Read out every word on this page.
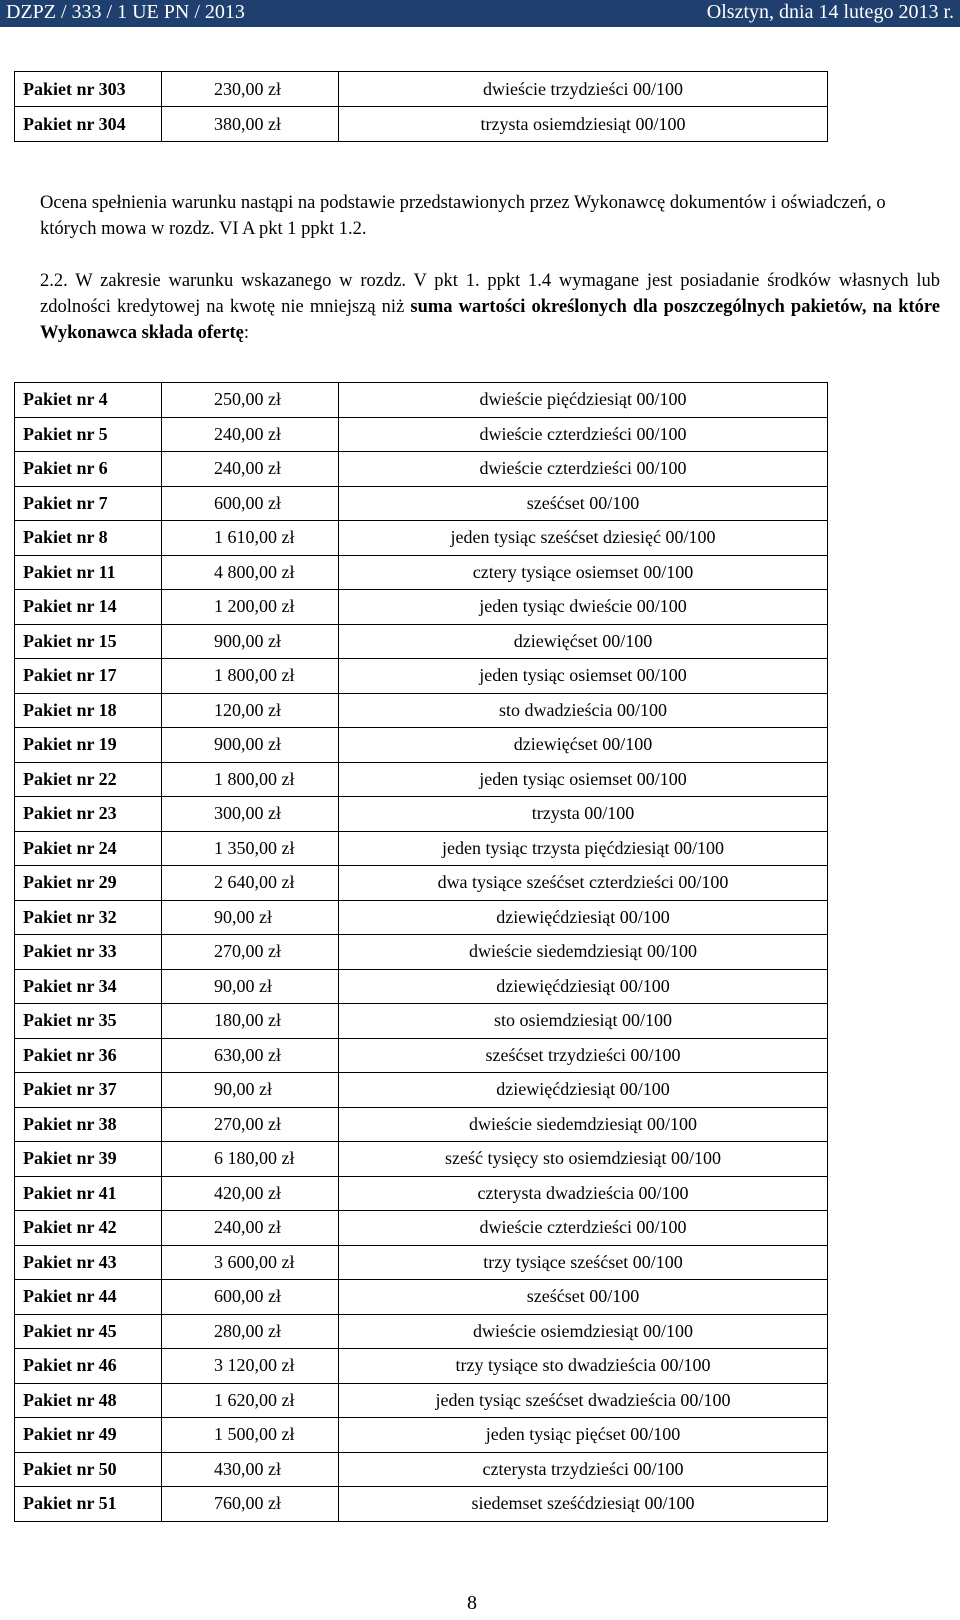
DZPZ / 333 / 1 UE PN / 2013	Olsztyn, dnia 14 lutego 2013 r.
Pakiet nr 303	230,00 zł	dwieście trzydzieści 00/100
Pakiet nr 304	380,00 zł	trzysta osiemdziesiąt 00/100
Ocena spełnienia warunku nastąpi na podstawie przedstawionych przez Wykonawcę dokumentów i oświadczeń, o których mowa w rozdz. VI A pkt 1 ppkt 1.2.
2.2. W zakresie warunku wskazanego w rozdz. V pkt 1. ppkt 1.4 wymagane jest posiadanie środków własnych lub zdolności kredytowej na kwotę nie mniejszą niż suma wartości określonych dla poszczególnych pakietów, na które Wykonawca składa ofertę:
Pakiet nr 4	250,00 zł	dwieście pięćdziesiąt 00/100
Pakiet nr 5	240,00 zł	dwieście czterdzieści 00/100
Pakiet nr 6	240,00 zł	dwieście czterdzieści 00/100
Pakiet nr 7	600,00 zł	sześćset 00/100
Pakiet nr 8	1 610,00 zł	jeden tysiąc sześćset dziesięć 00/100
Pakiet nr 11	4 800,00 zł	cztery tysiące osiemset 00/100
Pakiet nr 14	1 200,00 zł	jeden tysiąc dwieście 00/100
Pakiet nr 15	900,00 zł	dziewięćset 00/100
Pakiet nr 17	1 800,00 zł	jeden tysiąc osiemset 00/100
Pakiet nr 18	120,00 zł	sto dwadzieścia 00/100
Pakiet nr 19	900,00 zł	dziewięćset 00/100
Pakiet nr 22	1 800,00 zł	jeden tysiąc osiemset 00/100
Pakiet nr 23	300,00 zł	trzysta 00/100
Pakiet nr 24	1 350,00 zł	jeden tysiąc trzysta pięćdziesiąt 00/100
Pakiet nr 29	2 640,00 zł	dwa tysiące sześćset czterdzieści 00/100
Pakiet nr 32	90,00 zł	dziewięćdziesiąt 00/100
Pakiet nr 33	270,00 zł	dwieście siedemdziesiąt 00/100
Pakiet nr 34	90,00 zł	dziewięćdziesiąt 00/100
Pakiet nr 35	180,00 zł	sto osiemdziesiąt 00/100
Pakiet nr 36	630,00 zł	sześćset trzydzieści 00/100
Pakiet nr 37	90,00 zł	dziewięćdziesiąt 00/100
Pakiet nr 38	270,00 zł	dwieście siedemdziesiąt 00/100
Pakiet nr 39	6 180,00 zł	sześć tysięcy sto osiemdziesiąt 00/100
Pakiet nr 41	420,00 zł	czterysta dwadzieścia 00/100
Pakiet nr 42	240,00 zł	dwieście czterdzieści 00/100
Pakiet nr 43	3 600,00 zł	trzy tysiące sześćset 00/100
Pakiet nr 44	600,00 zł	sześćset 00/100
Pakiet nr 45	280,00 zł	dwieście osiemdziesiąt 00/100
Pakiet nr 46	3 120,00 zł	trzy tysiące sto dwadzieścia 00/100
Pakiet nr 48	1 620,00 zł	jeden tysiąc sześćset dwadzieścia 00/100
Pakiet nr 49	1 500,00 zł	jeden tysiąc pięćset 00/100
Pakiet nr 50	430,00 zł	czterysta trzydzieści 00/100
Pakiet nr 51	760,00 zł	siedemset sześćdziesiąt 00/100
8
